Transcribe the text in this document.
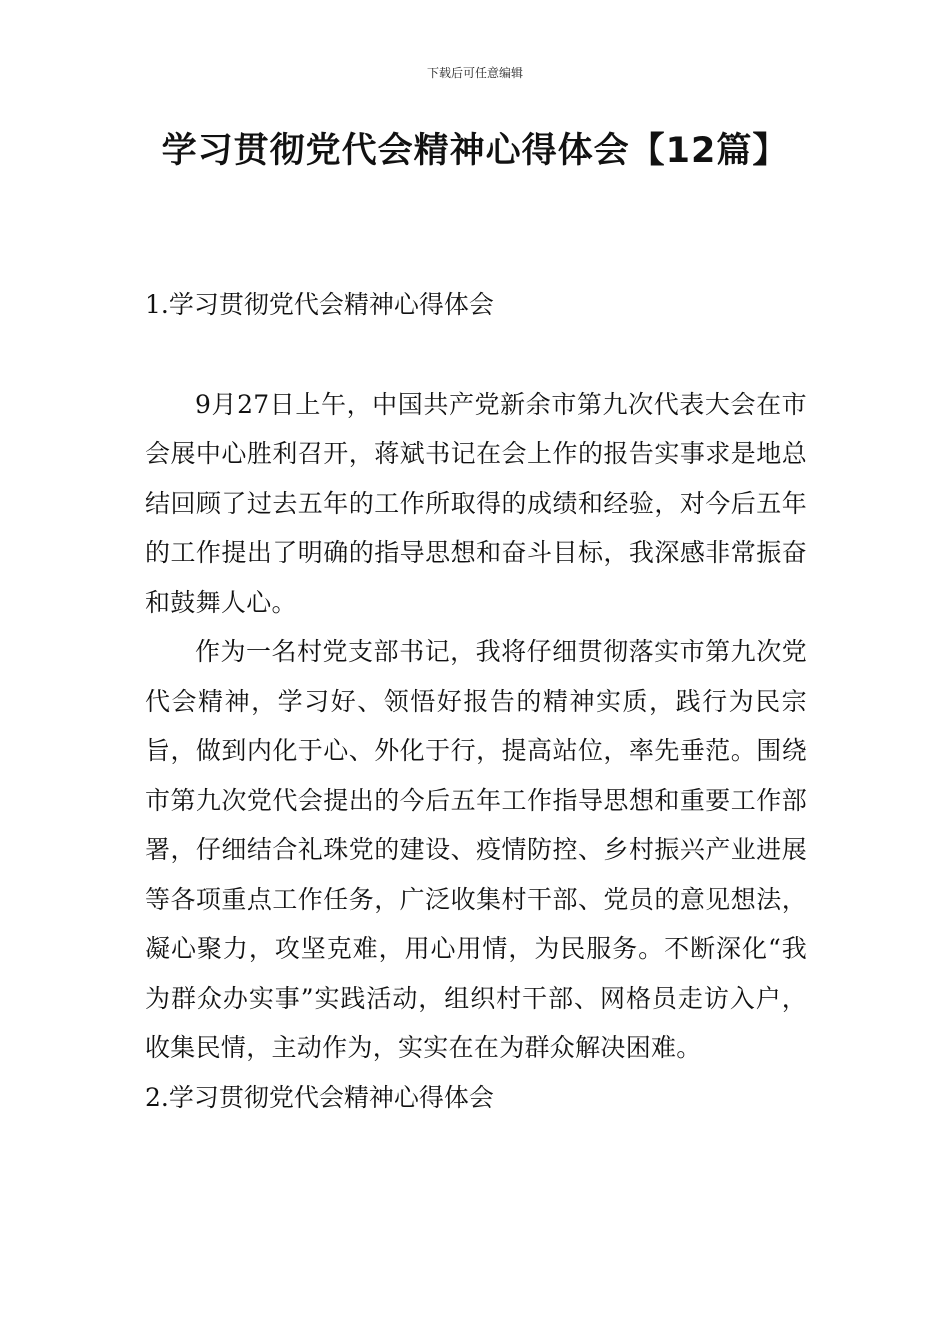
下载后可任意编辑
学习贯彻党代会精神心得体会【12篇】
1.学习贯彻党代会精神心得体会

9月27日上午，中国共产党新余市第九次代表大会在市会展中心胜利召开，蒋斌书记在会上作的报告实事求是地总结回顾了过去五年的工作所取得的成绩和经验，对今后五年的工作提出了明确的指导思想和奋斗目标，我深感非常振奋和鼓舞人心。

作为一名村党支部书记，我将仔细贯彻落实市第九次党代会精神，学习好、领悟好报告的精神实质，践行为民宗旨，做到内化于心、外化于行，提高站位，率先垂范。围绕市第九次党代会提出的今后五年工作指导思想和重要工作部署，仔细结合礼珠党的建设、疫情防控、乡村振兴产业进展等各项重点工作任务，广泛收集村干部、党员的意见想法，凝心聚力，攻坚克难，用心用情，为民服务。不断深化“我为群众办实事”实践活动，组织村干部、网格员走访入户，收集民情，主动作为，实实在在为群众解决困难。

2.学习贯彻党代会精神心得体会
